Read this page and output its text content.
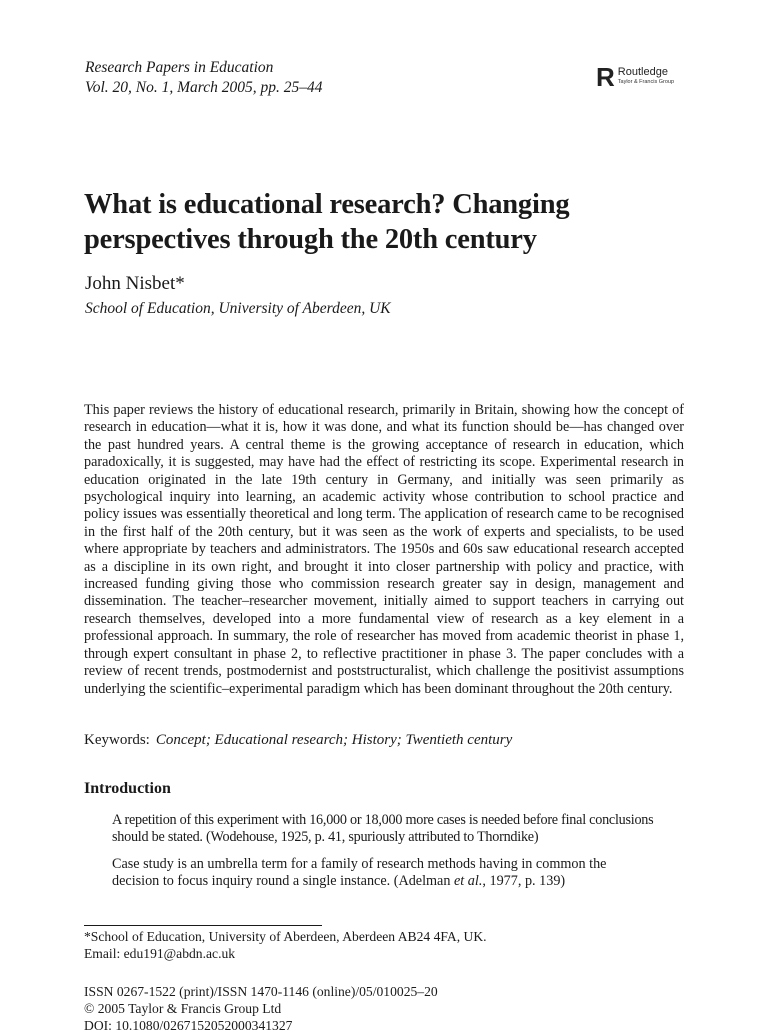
Research Papers in Education
Vol. 20, No. 1, March 2005, pp. 25–44	R Routledge
Taylor & Francis Group
What is educational research? Changing perspectives through the 20th century
John Nisbet*
School of Education, University of Aberdeen, UK

This paper reviews the history of educational research, primarily in Britain, showing how the concept of research in education—what it is, how it was done, and what its function should be—has changed over the past hundred years. A central theme is the growing acceptance of research in education, which paradoxically, it is suggested, may have had the effect of restricting its scope. Experimental research in education originated in the late 19th century in Germany, and initially was seen primarily as psychological inquiry into learning, an academic activity whose contribution to school practice and policy issues was essentially theoretical and long term. The application of research came to be recognised in the first half of the 20th century, but it was seen as the work of experts and specialists, to be used where appropriate by teachers and administrators. The 1950s and 60s saw educational research accepted as a discipline in its own right, and brought it into closer partnership with policy and practice, with increased funding giving those who commission research greater say in design, management and dissemination. The teacher–researcher movement, initially aimed to support teachers in carrying out research themselves, developed into a more fundamental view of research as a key element in a professional approach. In summary, the role of researcher has moved from academic theorist in phase 1, through expert consultant in phase 2, to reflective practitioner in phase 3. The paper concludes with a review of recent trends, postmodernist and poststructuralist, which challenge the positivist assumptions underlying the scientific–experimental paradigm which has been dominant throughout the 20th century.

Keywords: Concept; Educational research; History; Twentieth century
Introduction

A repetition of this experiment with 16,000 or 18,000 more cases is needed before final conclusions should be stated. (Wodehouse, 1925, p. 41, spuriously attributed to Thorndike)

Case study is an umbrella term for a family of research methods having in common the decision to focus inquiry round a single instance. (Adelman et al., 1977, p. 139)

*School of Education, University of Aberdeen, Aberdeen AB24 4FA, UK.
Email: edu191@abdn.ac.uk
ISSN 0267-1522 (print)/ISSN 1470-1146 (online)/05/010025–20
© 2005 Taylor & Francis Group Ltd
DOI: 10.1080/0267152052000341327
